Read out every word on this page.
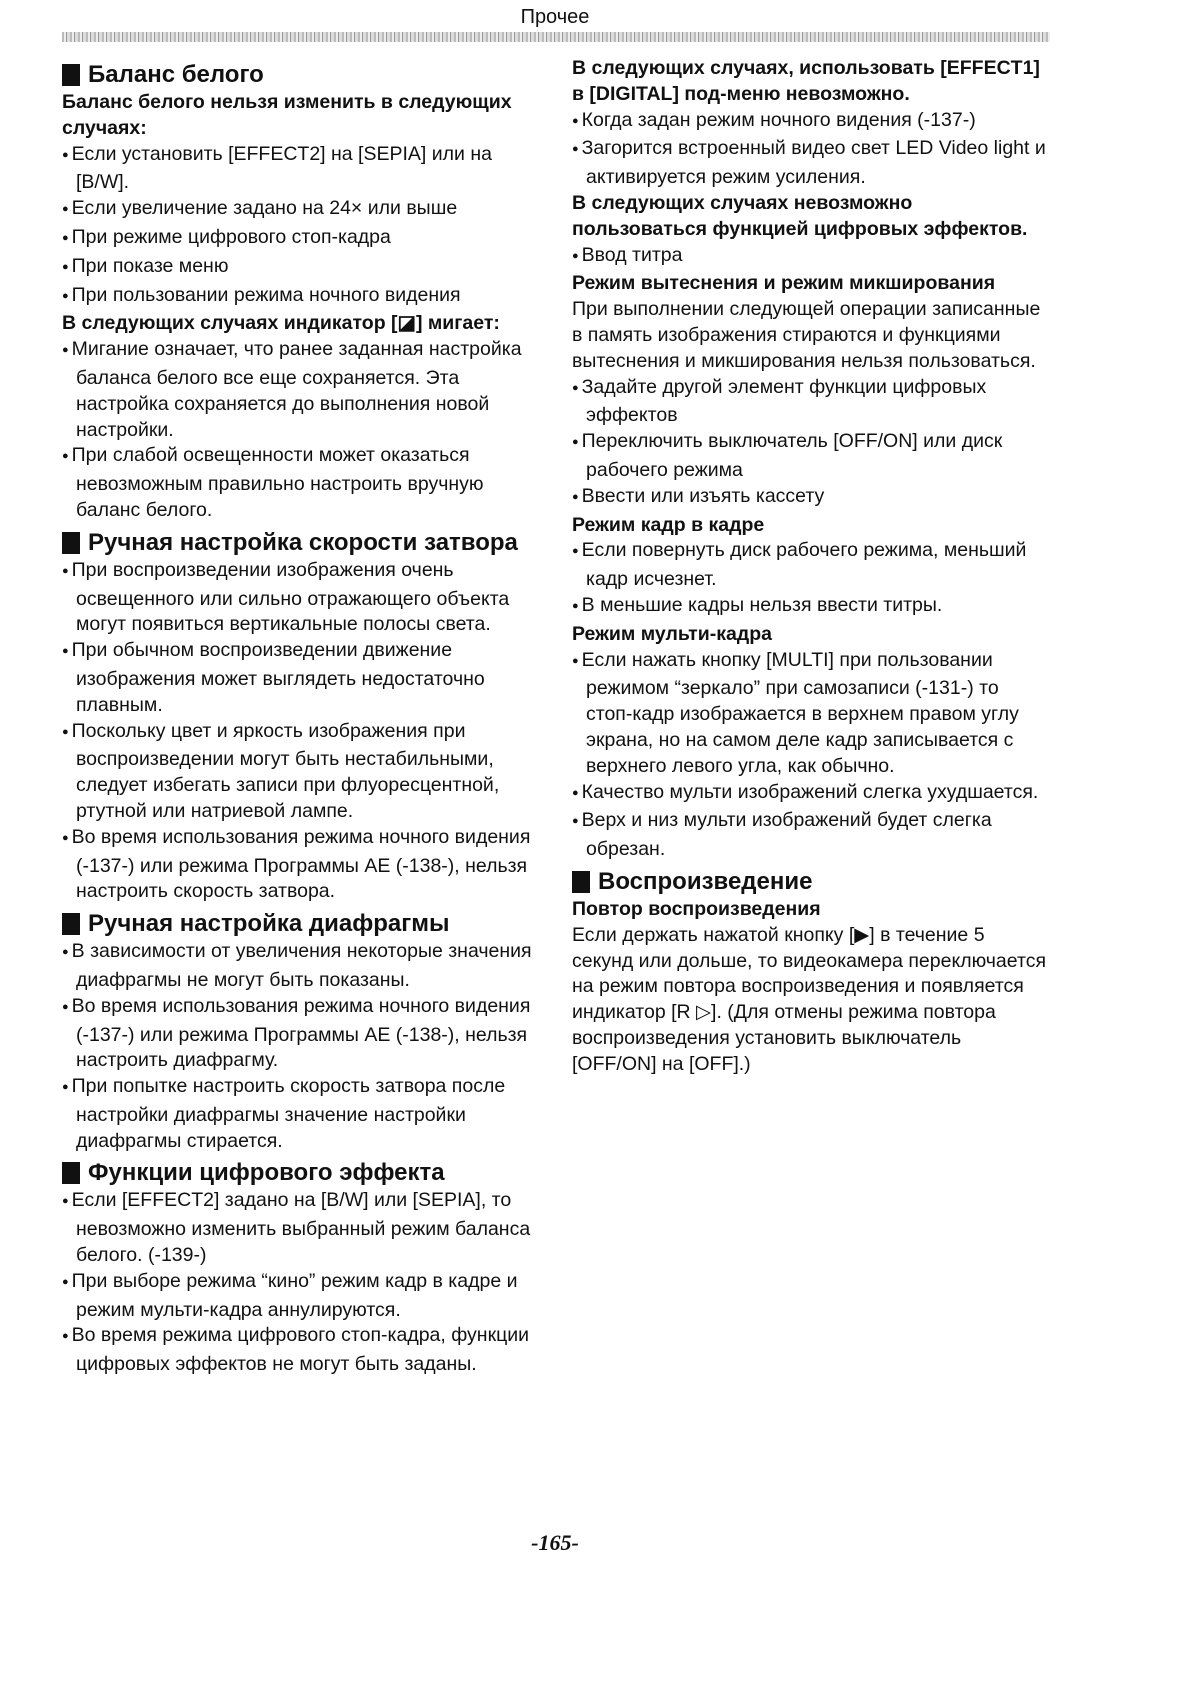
Прочее
Баланс белого
Баланс белого нельзя изменить в следующих случаях:
● Если установить [EFFECT2] на [SEPIA] или на [B/W].
● Если увеличение задано на 24× или выше
● При режиме цифрового стоп-кадра
● При показе меню
● При пользовании режима ночного видения
В следующих случаях индикатор [◪] мигает:
● Мигание означает, что ранее заданная настройка баланса белого все еще сохраняется. Эта настройка сохраняется до выполнения новой настройки.
● При слабой освещенности может оказаться невозможным правильно настроить вручную баланс белого.
Ручная настройка скорости затвора
● При воспроизведении изображения очень освещенного или сильно отражающего объекта могут появиться вертикальные полосы света.
● При обычном воспроизведении движение изображения может выглядеть недостаточно плавным.
● Поскольку цвет и яркость изображения при воспроизведении могут быть нестабильными, следует избегать записи при флуоресцентной, ртутной или натриевой лампе.
● Во время использования режима ночного видения (-137-) или режима Программы AE (-138-), нельзя настроить скорость затвора.
Ручная настройка диафрагмы
● В зависимости от увеличения некоторые значения диафрагмы не могут быть показаны.
● Во время использования режима ночного видения (-137-) или режима Программы AE (-138-), нельзя настроить диафрагму.
● При попытке настроить скорость затвора после настройки диафрагмы значение настройки диафрагмы стирается.
Функции цифрового эффекта
● Если [EFFECT2] задано на [B/W] или [SEPIA], то невозможно изменить выбранный режим баланса белого. (-139-)
● При выборе режима “кино” режим кадр в кадре и режим мульти-кадра аннулируются.
● Во время режима цифрового стоп-кадра, функции цифровых эффектов не могут быть заданы.
В следующих случаях, использовать [EFFECT1] в [DIGITAL] под-меню невозможно.
● Когда задан режим ночного видения (-137-)
● Загорится встроенный видео свет LED Video light и активируется режим усиления.
В следующих случаях невозможно пользоваться функцией цифровых эффектов.
● Ввод титра
Режим вытеснения и режим микширования
При выполнении следующей операции записанные в память изображения стираются и функциями вытеснения и микширования нельзя пользоваться.
● Задайте другой элемент функции цифровых эффектов
● Переключить выключатель [OFF/ON] или диск рабочего режима
● Ввести или изъять кассету
Режим кадр в кадре
● Если повернуть диск рабочего режима, меньший кадр исчезнет.
● В меньшие кадры нельзя ввести титры.
Режим мульти-кадра
● Если нажать кнопку [MULTI] при пользовании режимом “зеркало” при самозаписи (-131-) то стоп-кадр изображается в верхнем правом углу экрана, но на самом деле кадр записывается с верхнего левого угла, как обычно.
● Качество мульти изображений слегка ухудшается.
● Верх и низ мульти изображений будет слегка обрезан.
Воспроизведение
Повтор воспроизведения
Если держать нажатой кнопку [▶] в течение 5 секунд или дольше, то видеокамера переключается на режим повтора воспроизведения и появляется индикатор [R ▷]. (Для отмены режима повтора воспроизведения установить выключатель [OFF/ON] на [OFF].)
-165-
